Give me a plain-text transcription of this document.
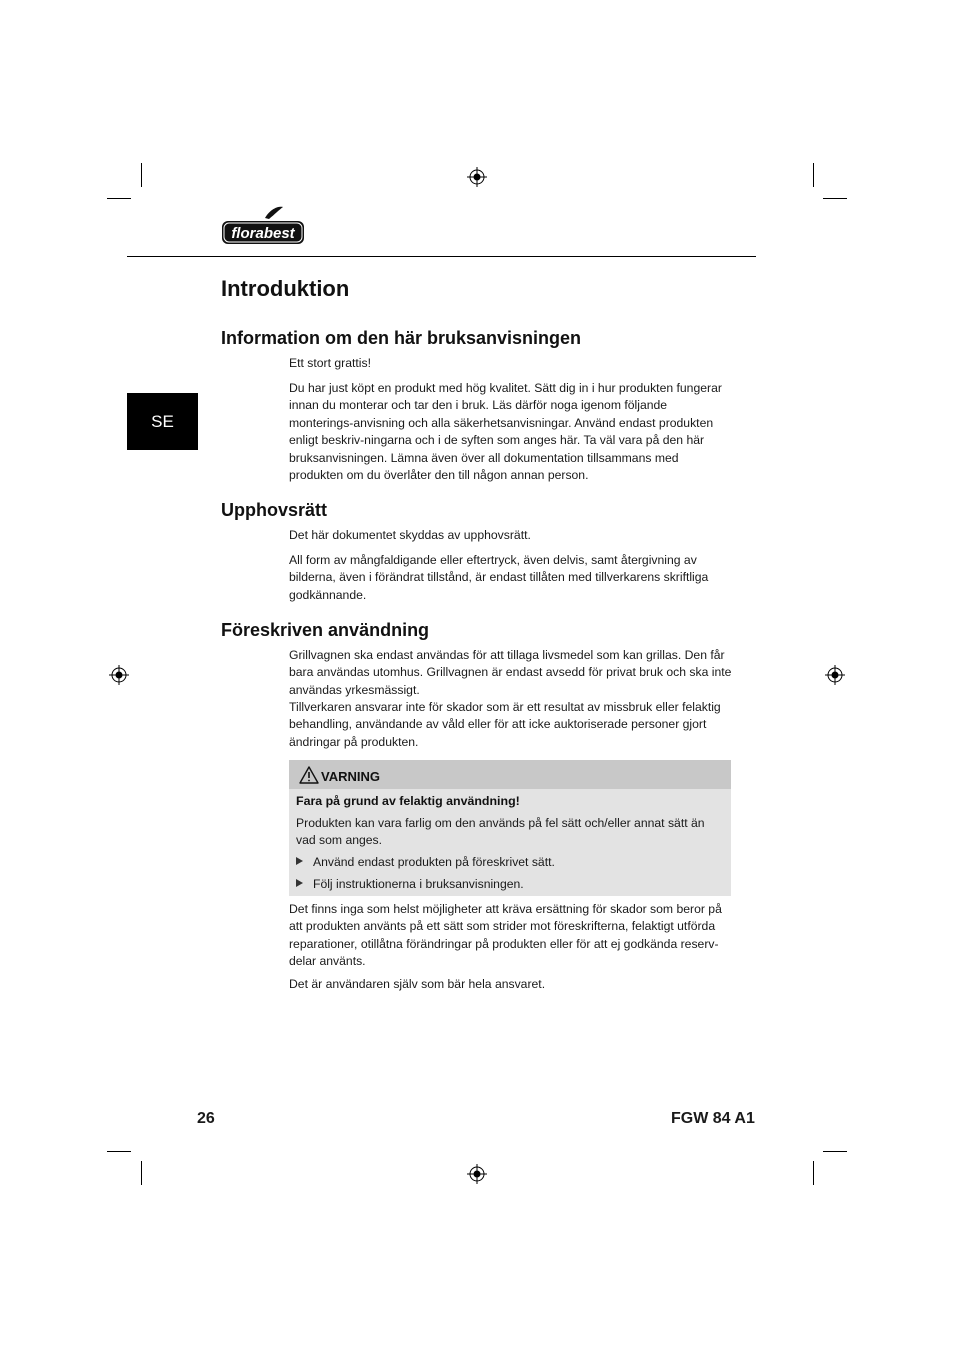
florabest
SE
Introduktion
Information om den här bruksanvisningen

Ett stort grattis!

Du har just köpt en produkt med hög kvalitet. Sätt dig in i hur produkten fungerar innan du monterar och tar den i bruk. Läs därför noga igenom följande monterings-anvisning och alla säkerhetsanvisningar. Använd endast produkten enligt beskriv-ningarna och i de syften som anges här. Ta väl vara på den här bruksanvisningen. Lämna även över all dokumentation tillsammans med produkten om du överlåter den till någon annan person.

Upphovsrätt

Det här dokumentet skyddas av upphovsrätt.

All form av mångfaldigande eller eftertryck, även delvis, samt återgivning av bilderna, även i förändrat tillstånd, är endast tillåten med tillverkarens skriftliga godkännande.

Föreskriven användning

Grillvagnen ska endast användas för att tillaga livsmedel som kan grillas. Den får bara användas utomhus. Grillvagnen är endast avsedd för privat bruk och ska inte användas yrkesmässigt.

Tillverkaren ansvarar inte för skador som är ett resultat av missbruk eller felaktig behandling, användande av våld eller för att icke auktoriserade personer gjort ändringar på produkten.

VARNING
Fara på grund av felaktig användning!

Produkten kan vara farlig om den används på fel sätt och/eller annat sätt än vad som anges.

Använd endast produkten på föreskrivet sätt.
Följ instruktionerna i bruksanvisningen.

Det finns inga som helst möjligheter att kräva ersättning för skador som beror på att produkten använts på ett sätt som strider mot föreskrifterna, felaktigt utförda reparationer, otillåtna förändringar på produkten eller för att ej godkända reserv-delar använts.

Det är användaren själv som bär hela ansvaret.

26	FGW 84 A1
